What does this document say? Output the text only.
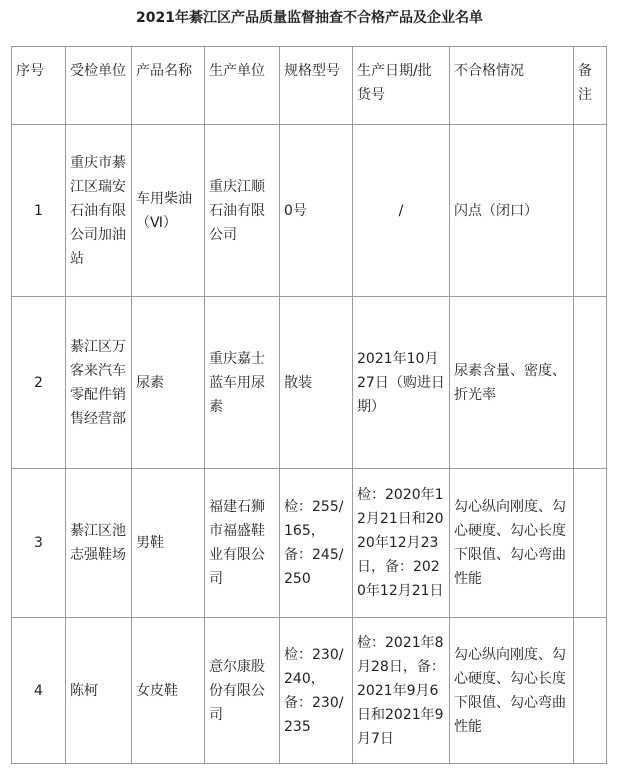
2021年綦江区产品质量监督抽查不合格产品及企业名单
序号	受检单位	产品名称	生产单位	规格型号	生产日期/批货号	不合格情况	备注
1	重庆市綦江区瑞安石油有限公司加油站	车用柴油（Ⅵ）	重庆江顺石油有限公司	0号	/	闪点（闭口）	
2	綦江区万客来汽车零配件销售经营部	尿素	重庆嘉士蓝车用尿素	散装	2021年10月27日（购进日期）	尿素含量、密度、折光率	
3	綦江区池志强鞋场	男鞋	福建石狮市福盛鞋业有限公司	检：255/165，备：245/250	检：2020年12月21日和2020年12月23日，备：2020年12月21日	勾心纵向刚度、勾心硬度、勾心长度下限值、勾心弯曲性能	
4	陈柯	女皮鞋	意尔康股份有限公司	检：230/240，备：230/235	检：2021年8月28日，备：2021年9月6日和2021年9月7日	勾心纵向刚度、勾心硬度、勾心长度下限值、勾心弯曲性能	
